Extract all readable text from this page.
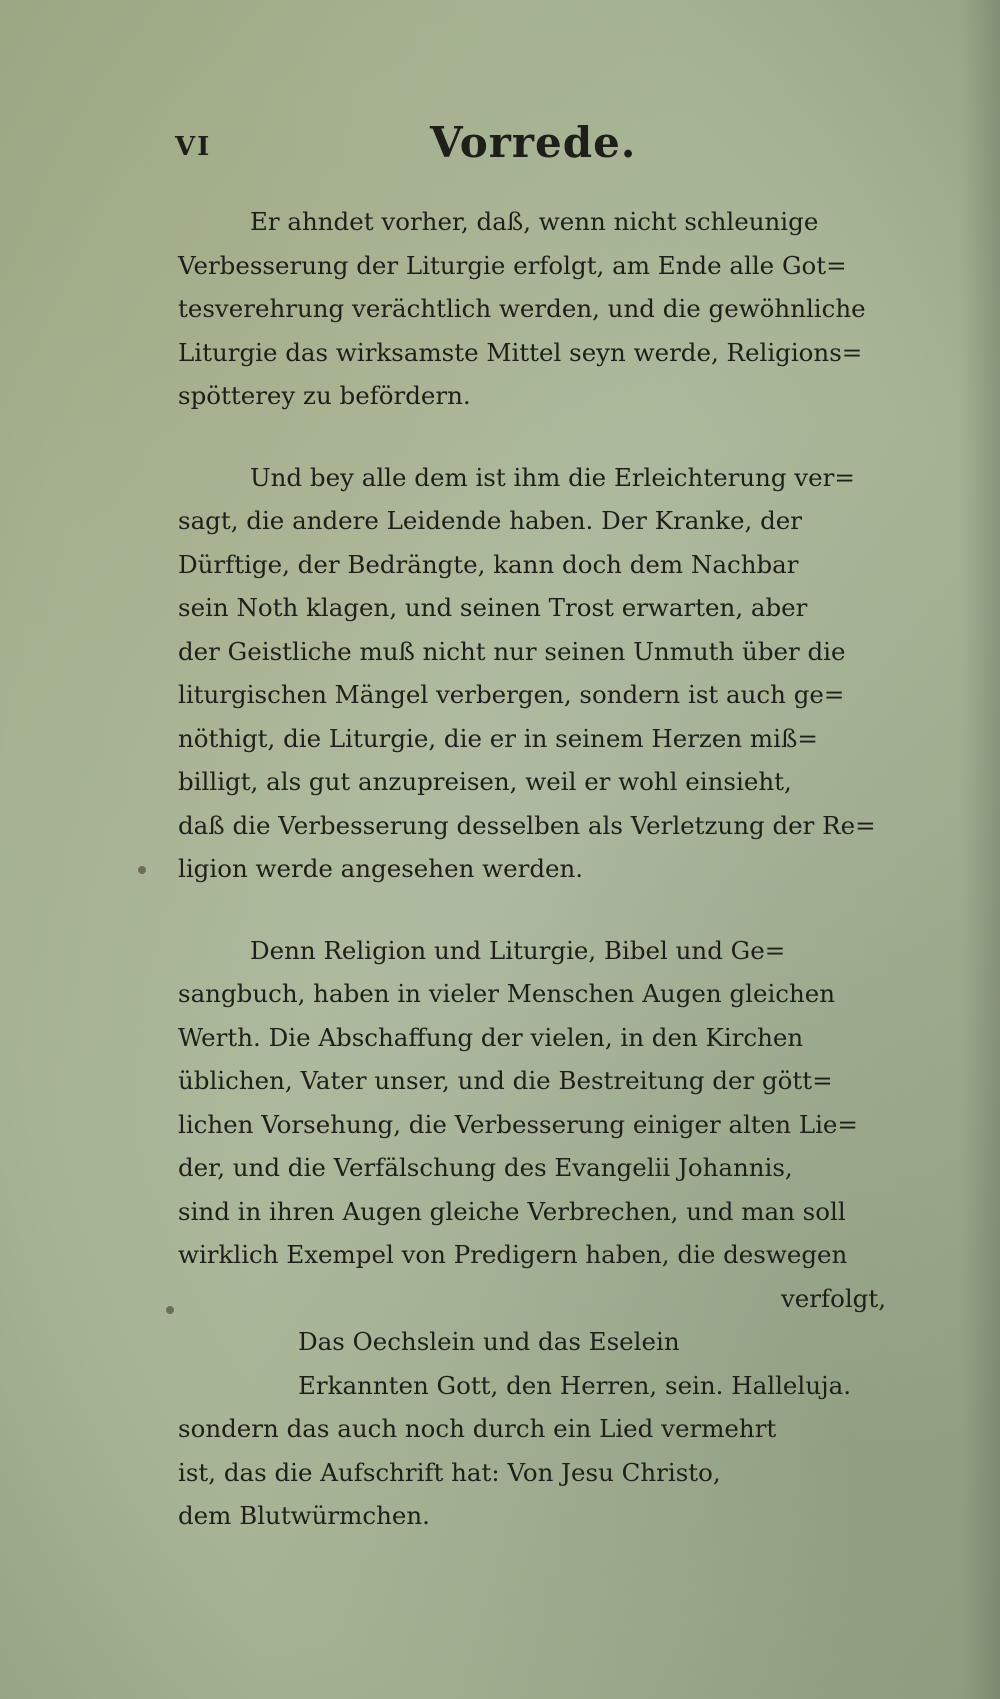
VI	Vorrede.
Er ahndet vorher, daß, wenn nicht schleunige
Verbesserung der Liturgie erfolgt, am Ende alle Got=
tesverehrung verächtlich werden, und die gewöhnliche
Liturgie das wirksamste Mittel seyn werde, Religions=
spötterey zu befördern.
Und bey alle dem ist ihm die Erleichterung ver=
sagt, die andere Leidende haben. Der Kranke, der
Dürftige, der Bedrängte, kann doch dem Nachbar
sein Noth klagen, und seinen Trost erwarten, aber
der Geistliche muß nicht nur seinen Unmuth über die
liturgischen Mängel verbergen, sondern ist auch ge=
nöthigt, die Liturgie, die er in seinem Herzen miß=
billigt, als gut anzupreisen, weil er wohl einsieht,
daß die Verbesserung desselben als Verletzung der Re=
ligion werde angesehen werden.
Denn Religion und Liturgie, Bibel und Ge=
sangbuch, haben in vieler Menschen Augen gleichen
Werth. Die Abschaffung der vielen, in den Kirchen
üblichen, Vater unser, und die Bestreitung der gött=
lichen Vorsehung, die Verbesserung einiger alten Lie=
der, und die Verfälschung des Evangelii Johannis,
sind in ihren Augen gleiche Verbrechen, und man soll
wirklich Exempel von Predigern haben, die deswegen
verfolgt,
Das Oechslein und das Eselein
Erkannten Gott, den Herren, sein. Halleluja.
sondern das auch noch durch ein Lied vermehrt
ist, das die Aufschrift hat: Von Jesu Christo,
dem Blutwürmchen.
